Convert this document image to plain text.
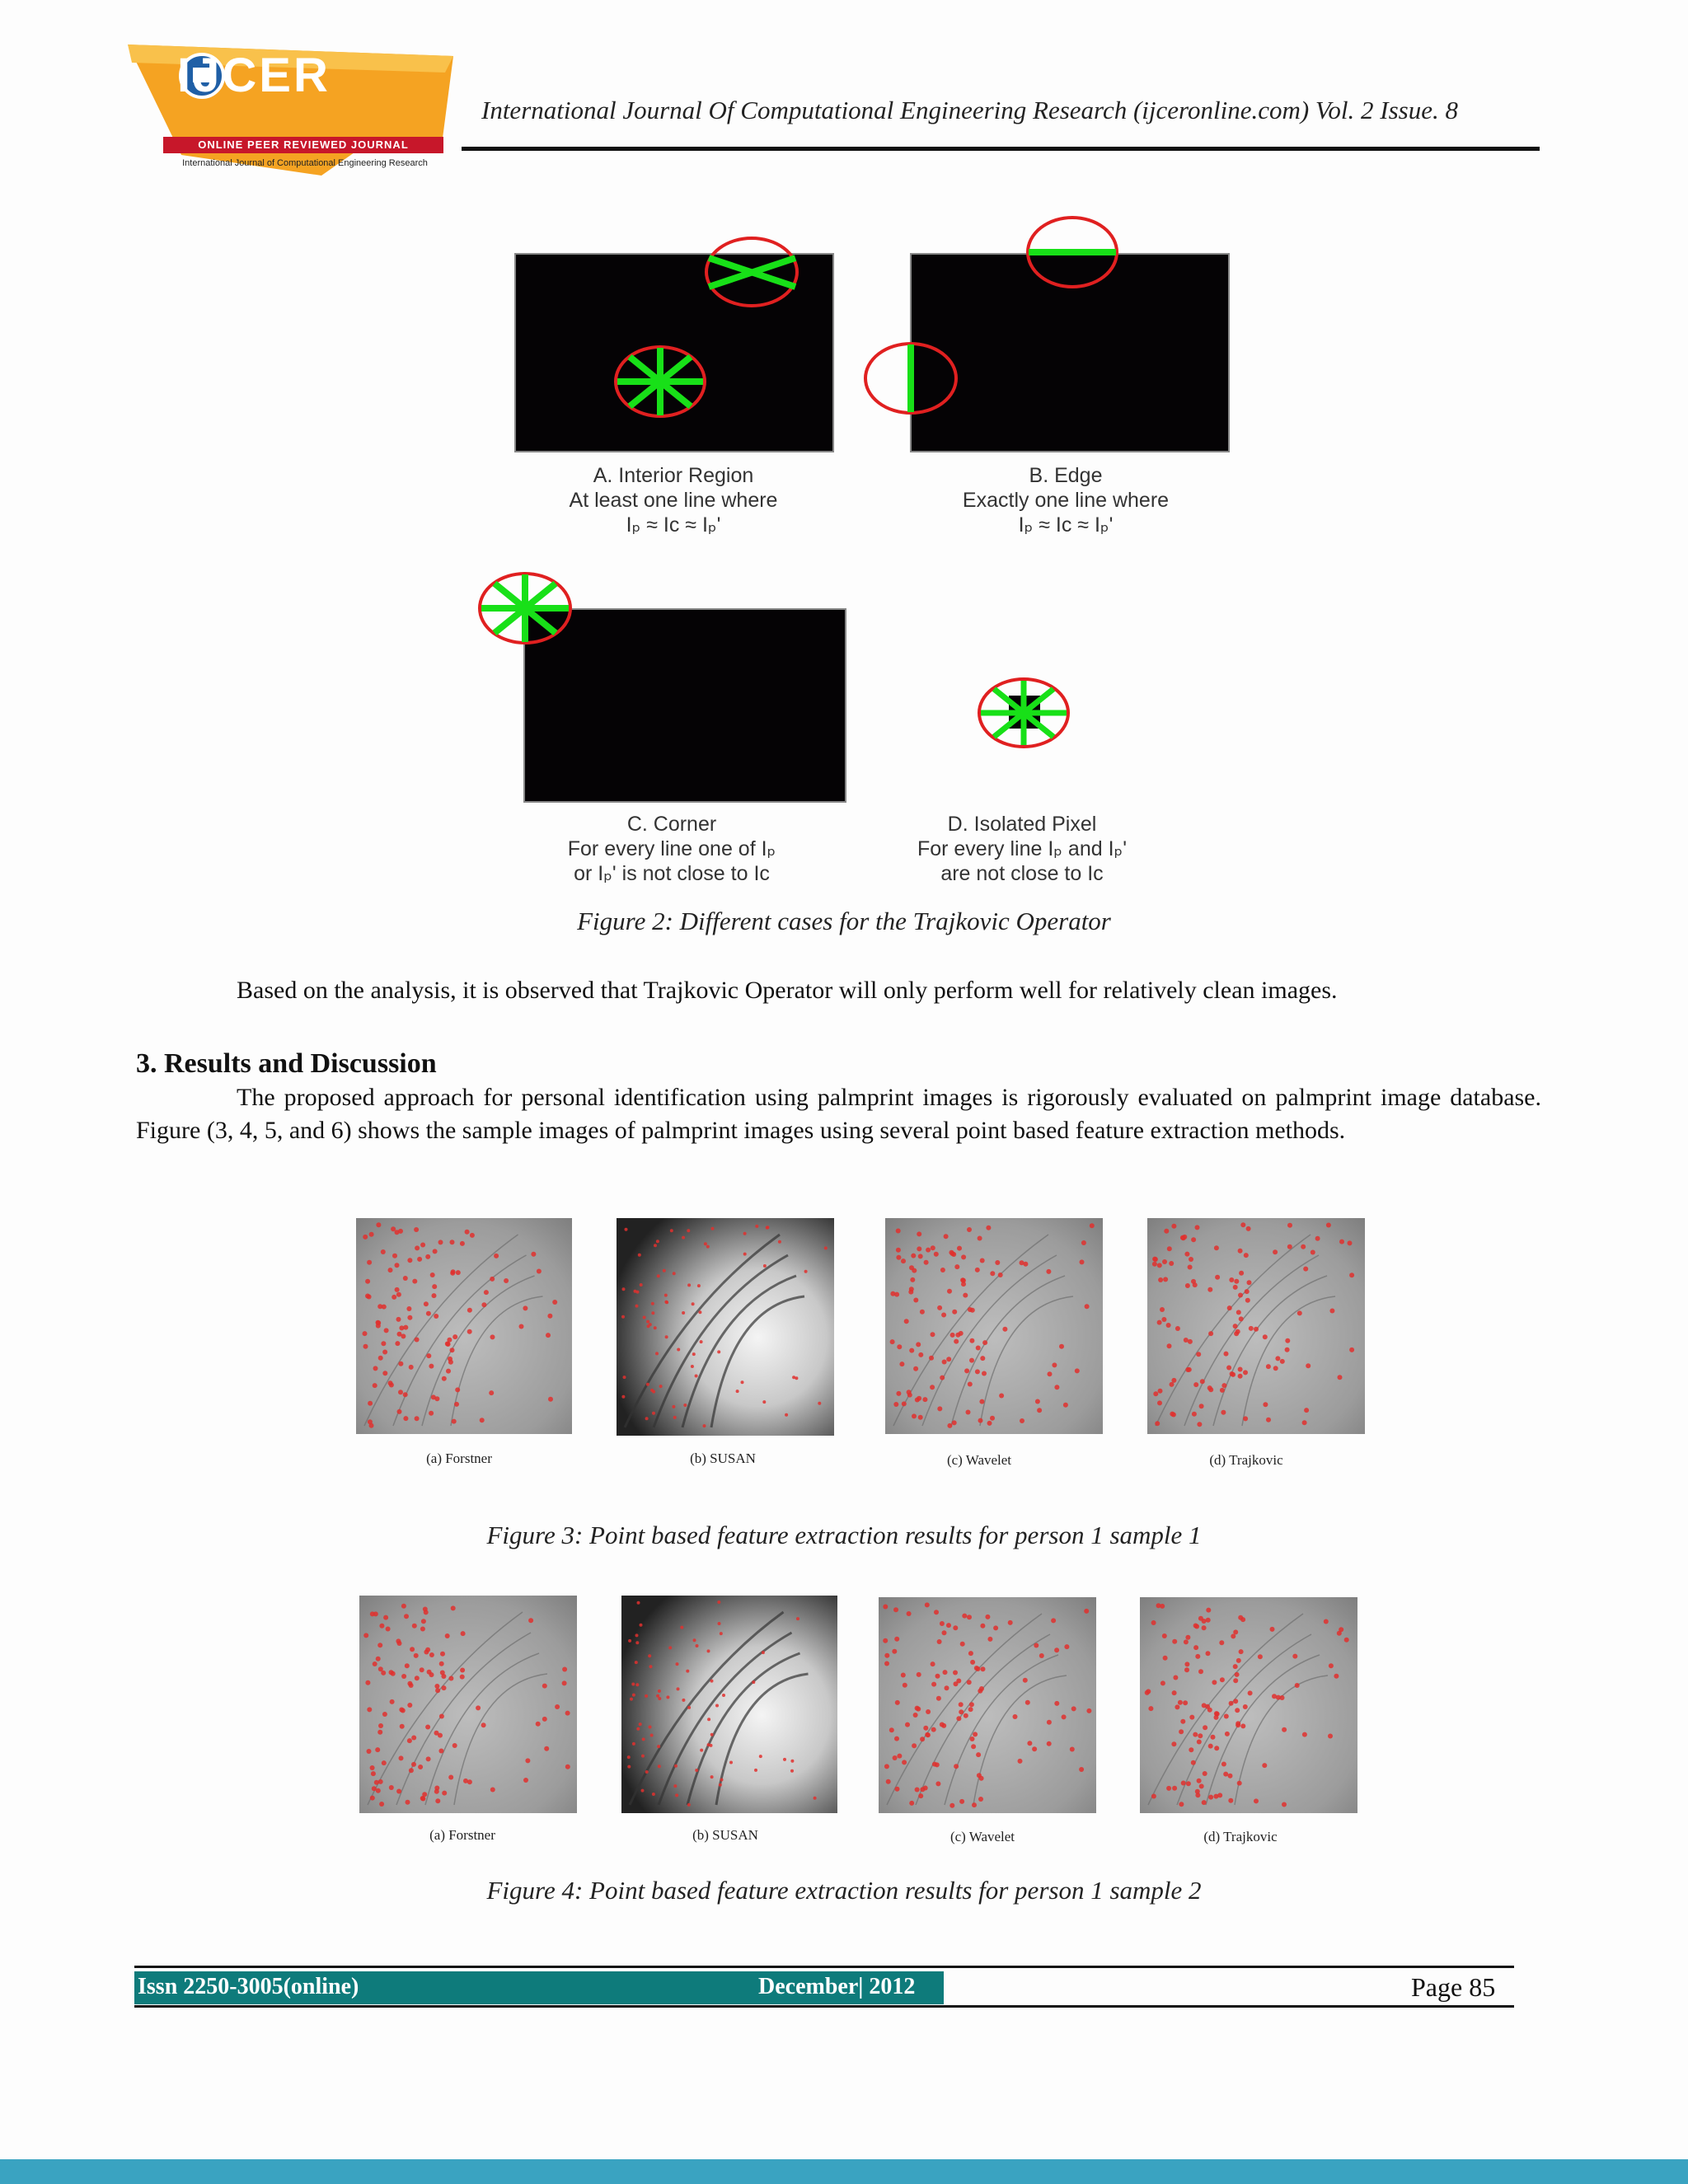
IJCER
ONLINE PEER REVIEWED JOURNAL
International Journal of Computational Engineering Research
International Journal Of Computational Engineering Research (ijceronline.com) Vol. 2 Issue. 8
A. Interior Region
At least one line where
Iₚ ≈ Iᴄ ≈ Iₚ'
B. Edge
Exactly one line where
Iₚ ≈ Iᴄ ≈ Iₚ'
C. Corner
For every line one of Iₚ
or Iₚ' is not close to Iᴄ
D. Isolated Pixel
For every line Iₚ and Iₚ'
are not close to Iᴄ
Figure 2: Different cases for the Trajkovic Operator
Based on the analysis, it is observed that Trajkovic Operator will only perform well for relatively clean images.
3. Results and Discussion
The proposed approach for personal identification using palmprint images is rigorously evaluated on palmprint image database. Figure (3, 4, 5, and 6) shows the sample images of palmprint images using several point based feature extraction methods.
(a) Forstner	(b) SUSAN	(c) Wavelet	(d) Trajkovic
Figure 3: Point based feature extraction results for person 1 sample 1
(a) Forstner	(b) SUSAN	(c) Wavelet	(d) Trajkovic
Figure 4: Point based feature extraction results for person 1 sample 2
Issn 2250-3005(online)	December| 2012	Page 85
